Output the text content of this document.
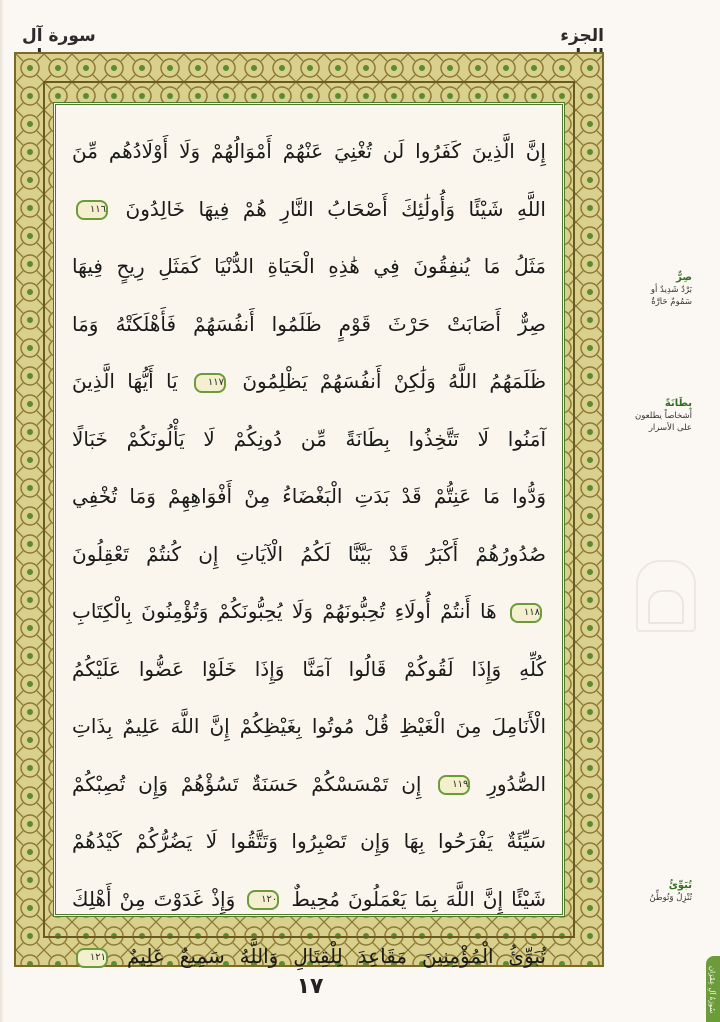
الجزء
سورة آل
إِنَّ الَّذِينَ كَفَرُوا لَن تُغْنِيَ عَنْهُمْ أَمْوَالُهُمْ وَلَا أَوْلَادُهُم مِّنَ
اللَّهِ شَيْئًا وَأُولَٰئِكَ أَصْحَابُ النَّارِ هُمْ فِيهَا خَالِدُونَ ١١٦
مَثَلُ مَا يُنفِقُونَ فِي هَٰذِهِ الْحَيَاةِ الدُّنْيَا كَمَثَلِ رِيحٍ فِيهَا
صِرٌّ أَصَابَتْ حَرْثَ قَوْمٍ ظَلَمُوا أَنفُسَهُمْ فَأَهْلَكَتْهُ وَمَا
ظَلَمَهُمُ اللَّهُ وَلَٰكِنْ أَنفُسَهُمْ يَظْلِمُونَ ١١٧ يَا أَيُّهَا الَّذِينَ
آمَنُوا لَا تَتَّخِذُوا بِطَانَةً مِّن دُونِكُمْ لَا يَأْلُونَكُمْ خَبَالًا
وَدُّوا مَا عَنِتُّمْ قَدْ بَدَتِ الْبَغْضَاءُ مِنْ أَفْوَاهِهِمْ وَمَا تُخْفِي
صُدُورُهُمْ أَكْبَرُ قَدْ بَيَّنَّا لَكُمُ الْآيَاتِ إِن كُنتُمْ تَعْقِلُونَ
١١٨ هَا أَنتُمْ أُولَاءِ تُحِبُّونَهُمْ وَلَا يُحِبُّونَكُمْ وَتُؤْمِنُونَ بِالْكِتَابِ
كُلِّهِ وَإِذَا لَقُوكُمْ قَالُوا آمَنَّا وَإِذَا خَلَوْا عَضُّوا عَلَيْكُمُ
الْأَنَامِلَ مِنَ الْغَيْظِ قُلْ مُوتُوا بِغَيْظِكُمْ إِنَّ اللَّهَ عَلِيمٌ بِذَاتِ
الصُّدُورِ ١١٩ إِن تَمْسَسْكُمْ حَسَنَةٌ تَسُؤْهُمْ وَإِن تُصِبْكُمْ
سَيِّئَةٌ يَفْرَحُوا بِهَا وَإِن تَصْبِرُوا وَتَتَّقُوا لَا يَضُرُّكُمْ كَيْدُهُمْ
شَيْئًا إِنَّ اللَّهَ بِمَا يَعْمَلُونَ مُحِيطٌ ١٢٠ وَإِذْ غَدَوْتَ مِنْ أَهْلِكَ
تُبَوِّئُ الْمُؤْمِنِينَ مَقَاعِدَ لِلْقِتَالِ وَاللَّهُ سَمِيعٌ عَلِيمٌ ١٢١
١٧
صِرٌّ
بَرْدٌ شَدِيدٌ أو سَمُومٌ حَارَّةٌ
بِطَانَةً
أشخاصاً يطلعون على الأسرار
تُبَوِّئُ
تُنْزِلُ وَتُوطِّنُ
سُورَةُ آلِ عِمْرَان
